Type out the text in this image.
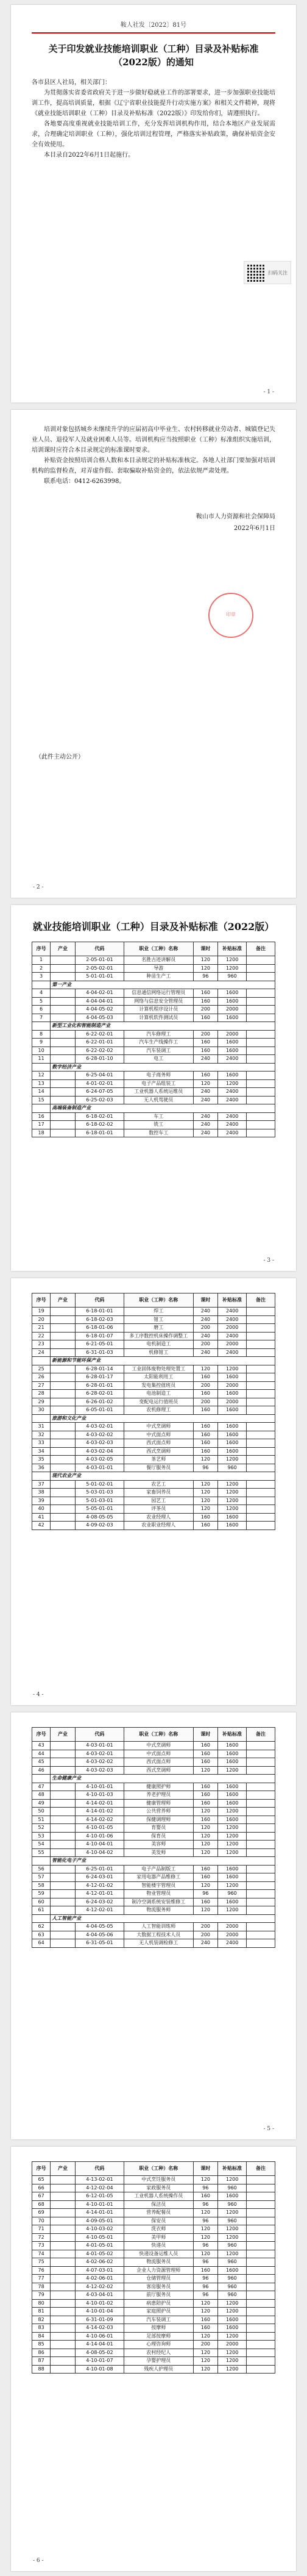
鞍人社发〔2022〕81号
关于印发就业技能培训职业（工种）目录及补贴标准（2022版）的通知
各市县区人社局，相关部门：

为贯彻落实省委省政府关于进一步做好稳就业工作的部署要求，进一步加强职业技能培训工作，提高培训质量，根据《辽宁省职业技能提升行动实施方案》和相关文件精神，现将《就业技能培训职业（工种）目录及补贴标准（2022版）》印发给你们，请遵照执行。

各地要高度重视就业技能培训工作，充分发挥培训机构作用，结合本地区产业发展需求，合理确定培训职业（工种），强化培训过程管理，严格落实补贴政策，确保补贴资金安全有效使用。

本目录自2022年6月1日起施行。

扫码关注
- 1 -

培训对象包括城乡未继续升学的应届初高中毕业生、农村转移就业劳动者、城镇登记失业人员、退役军人及就业困难人员等。培训机构应当按照职业（工种）标准组织实施培训，培训课时应符合本目录规定的标准课时要求。

补贴资金按照培训合格人数和本目录规定的补贴标准核定。各地人社部门要加强对培训机构的监督检查，对弄虚作假、套取骗取补贴资金的，依法依规严肃处理。

联系电话：0412-6263998。

鞍山市人力资源和社会保障局
2022年6月1日
印章
（此件主动公开）
- 2 -
就业技能培训职业（工种）目录及补贴标准（2022版）
序号	产业	代码	职业（工种）名称	课时	补贴标准	备注
1		2-05-01-01	名胜古迹讲解员	120	1200	
2		2-05-02-01	导游	120	1200	
3		5-01-01-01	种苗生产工	96	960	
	第一产业					
4		4-04-02-01	信息通信网络运行管理员	160	1600	
5		4-04-04-01	网络与信息安全管理员	160	1600	
6		4-04-05-02	计算机程序设计员	200	2000	
7		4-04-05-03	计算机软件测试员	160	1600	
	新型工业化和智能制造产业					
8		6-22-02-01	汽车修理工	200	2000	
9		6-22-01-01	汽车生产线操作工	160	1600	
10		6-22-02-02	汽车装调工	160	1600	
11		6-28-01-10	电工	240	2400	
	数字经济产业					
12		6-25-04-01	电子商务师	160	1600	
13		4-01-02-01	电子产品组装工	120	1200	
14		6-24-07-05	工业机器人系统运维员	240	2400	
15		6-25-02-03	无人机驾驶员	240	2400	
	高端装备制造产业					
16		6-18-02-01	车工	240	2400	
17		6-18-02-02	铣工	240	2400	
18		6-18-01-01	数控车工	240	2400	
- 3 -
序号	产业	代码	职业（工种）名称	课时	补贴标准	备注
19		6-18-01-01	焊工	240	2400	
20		6-18-02-03	钳工	240	2400	
21		6-18-01-06	磨工	200	2000	
22		6-18-01-07	多工序数控机床操作调整工	240	2400	
23		6-21-05-01	电机制造工	200	2000	
24		6-31-01-03	机修钳工	240	2400	
	新能源和节能环保产业					
25		6-28-01-14	工业固体废物处理处置工	120	1200	
26		6-28-01-17	太阳能利用工	160	1600	
27		6-28-01-01	发电集控值班员	200	2000	
28		6-28-02-01	电池制造工	160	1600	
29		6-26-01-02	变配电运行值班员	200	2000	
30		6-05-01-01	农机修理工	160	1600	
	旅游和文化产业					
31		4-03-02-01	中式烹调师	160	1600	
32		4-03-02-02	中式面点师	160	1600	
33		4-03-02-03	西式面点师	160	1600	
34		4-03-02-04	西式烹调师	160	1600	
35		4-03-02-05	茶艺师	120	1200	
36		4-03-01-01	餐厅服务员	96	960	
	现代农业产业					
37		5-01-02-01	农艺工	120	1200	
38		5-03-01-03	家畜饲养员	120	1200	
39		5-01-03-01	园艺工	120	1200	
40		5-05-01-01	评茶员	120	1200	
41		4-08-05-05	农业经理人	160	1600	
42		4-09-02-03	农业职业经理人	160	1600	
- 4 -
序号	产业	代码	职业（工种）名称	课时	补贴标准	备注
43		4-03-01-01	中式烹调师	160	1600	
44		4-03-02-01	中式面点师	160	1600	
45		4-03-02-02	西式面点师	160	1600	
46		4-03-02-03	西式烹调师	120	1200	
	生命健康产业					
47		4-10-01-01	健康照护师	160	1600	
48		4-10-01-03	养老护理员	160	1600	
49		4-14-02-01	健康管理师	160	1600	
50		4-14-01-02	公共营养师	120	1200	
51		4-14-02-02	保健调理师	160	1600	
52		4-10-01-05	育婴员	120	1200	
53		4-10-01-06	保育员	120	1200	
54		4-10-04-01	美容师	120	1200	
55		4-10-04-02	美发师	120	1200	
	智能化电子产业					
56		6-25-01-01	电子产品制版工	160	1600	
57		6-24-03-01	家用电器产品维修工	160	1600	
58		4-12-01-02	智能楼宇管理员	120	1200	
59		4-12-01-01	物业管理员	96	960	
60		6-24-03-02	制冷空调系统安装维修工	160	1600	
61		4-12-02-01	物流服务师	120	1200	
	人工智能产业					
62		4-04-05-05	人工智能训练师	200	2000	
63		4-04-05-06	大数据工程技术人员	200	2000	
64		6-31-05-01	无人机装调检修工	240	2400	
- 5 -
序号	产业	代码	职业（工种）名称	课时	补贴标准	备注
65		4-13-02-01	中式烹饪服务员	120	1200	
66		4-12-02-04	家政服务员	96	960	
67		6-12-01-05	工业机器人系统操作员	160	1600	
68		4-10-01-01	保洁员	96	960	
69		4-14-01-01	营养配餐员	120	1200	
70		4-09-05-01	保安员	96	960	
71		4-10-03-02	洗衣师	120	1200	
72		4-10-05-01	美甲师	120	1200	
73		4-01-05-01	快递员	96	960	
74		4-01-05-02	快递设备运维人员	120	1200	
75		4-02-06-02	物流服务员	96	960	
76		4-07-03-01	企业人力资源管理师	160	1600	
77		4-02-06-01	仓储管理员	96	960	
78		4-12-02-02	客房服务员	96	960	
79		4-03-04-01	前厅服务员	96	960	
80		4-10-01-02	病患陪护员	120	1200	
81		4-10-01-04	家庭照护员	120	1200	
82		6-31-01-09	汽车装调工	160	1600	
83		4-14-02-03	按摩师	160	1600	
84		4-10-06-01	足部按摩师	120	1200	
85		4-14-04-01	心理咨询师	200	2000	
86		4-08-05-02	农村经纪人	120	1200	
87		4-10-01-07	孕婴护理员	120	1200	
88		4-10-01-08	残疾人护理员	120	1200	
- 6 -
